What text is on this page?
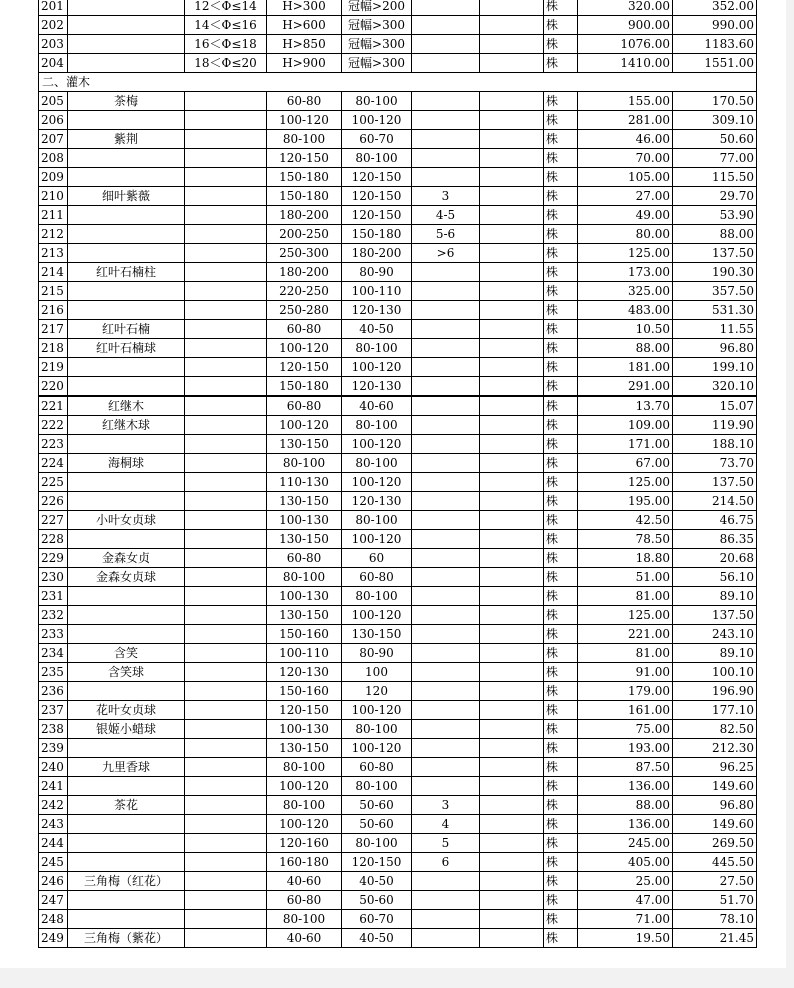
201		12＜Φ≤14	H>300	冠幅>200			株	320.00	352.00
202		14＜Φ≤16	H>600	冠幅>300			株	900.00	990.00
203		16＜Φ≤18	H>850	冠幅>300			株	1076.00	1183.60
204		18＜Φ≤20	H>900	冠幅>300			株	1410.00	1551.00
二、灌木									
205	茶梅		60-80	80-100			株	155.00	170.50
206			100-120	100-120			株	281.00	309.10
207	紫荆		80-100	60-70			株	46.00	50.60
208			120-150	80-100			株	70.00	77.00
209			150-180	120-150			株	105.00	115.50
210	细叶紫薇		150-180	120-150	3		株	27.00	29.70
211			180-200	120-150	4-5		株	49.00	53.90
212			200-250	150-180	5-6		株	80.00	88.00
213			250-300	180-200	>6		株	125.00	137.50
214	红叶石楠柱		180-200	80-90			株	173.00	190.30
215			220-250	100-110			株	325.00	357.50
216			250-280	120-130			株	483.00	531.30
217	红叶石楠		60-80	40-50			株	10.50	11.55
218	红叶石楠球		100-120	80-100			株	88.00	96.80
219			120-150	100-120			株	181.00	199.10
220			150-180	120-130			株	291.00	320.10
221	红继木		60-80	40-60			株	13.70	15.07
222	红继木球		100-120	80-100			株	109.00	119.90
223			130-150	100-120			株	171.00	188.10
224	海桐球		80-100	80-100			株	67.00	73.70
225			110-130	100-120			株	125.00	137.50
226			130-150	120-130			株	195.00	214.50
227	小叶女贞球		100-130	80-100			株	42.50	46.75
228			130-150	100-120			株	78.50	86.35
229	金森女贞		60-80	60			株	18.80	20.68
230	金森女贞球		80-100	60-80			株	51.00	56.10
231			100-130	80-100			株	81.00	89.10
232			130-150	100-120			株	125.00	137.50
233			150-160	130-150			株	221.00	243.10
234	含笑		100-110	80-90			株	81.00	89.10
235	含笑球		120-130	100			株	91.00	100.10
236			150-160	120			株	179.00	196.90
237	花叶女贞球		120-150	100-120			株	161.00	177.10
238	银姬小蜡球		100-130	80-100			株	75.00	82.50
239			130-150	100-120			株	193.00	212.30
240	九里香球		80-100	60-80			株	87.50	96.25
241			100-120	80-100			株	136.00	149.60
242	茶花		80-100	50-60	3		株	88.00	96.80
243			100-120	50-60	4		株	136.00	149.60
244			120-160	80-100	5		株	245.00	269.50
245			160-180	120-150	6		株	405.00	445.50
246	三角梅（红花）		40-60	40-50			株	25.00	27.50
247			60-80	50-60			株	47.00	51.70
248			80-100	60-70			株	71.00	78.10
249	三角梅（紫花）		40-60	40-50			株	19.50	21.45
